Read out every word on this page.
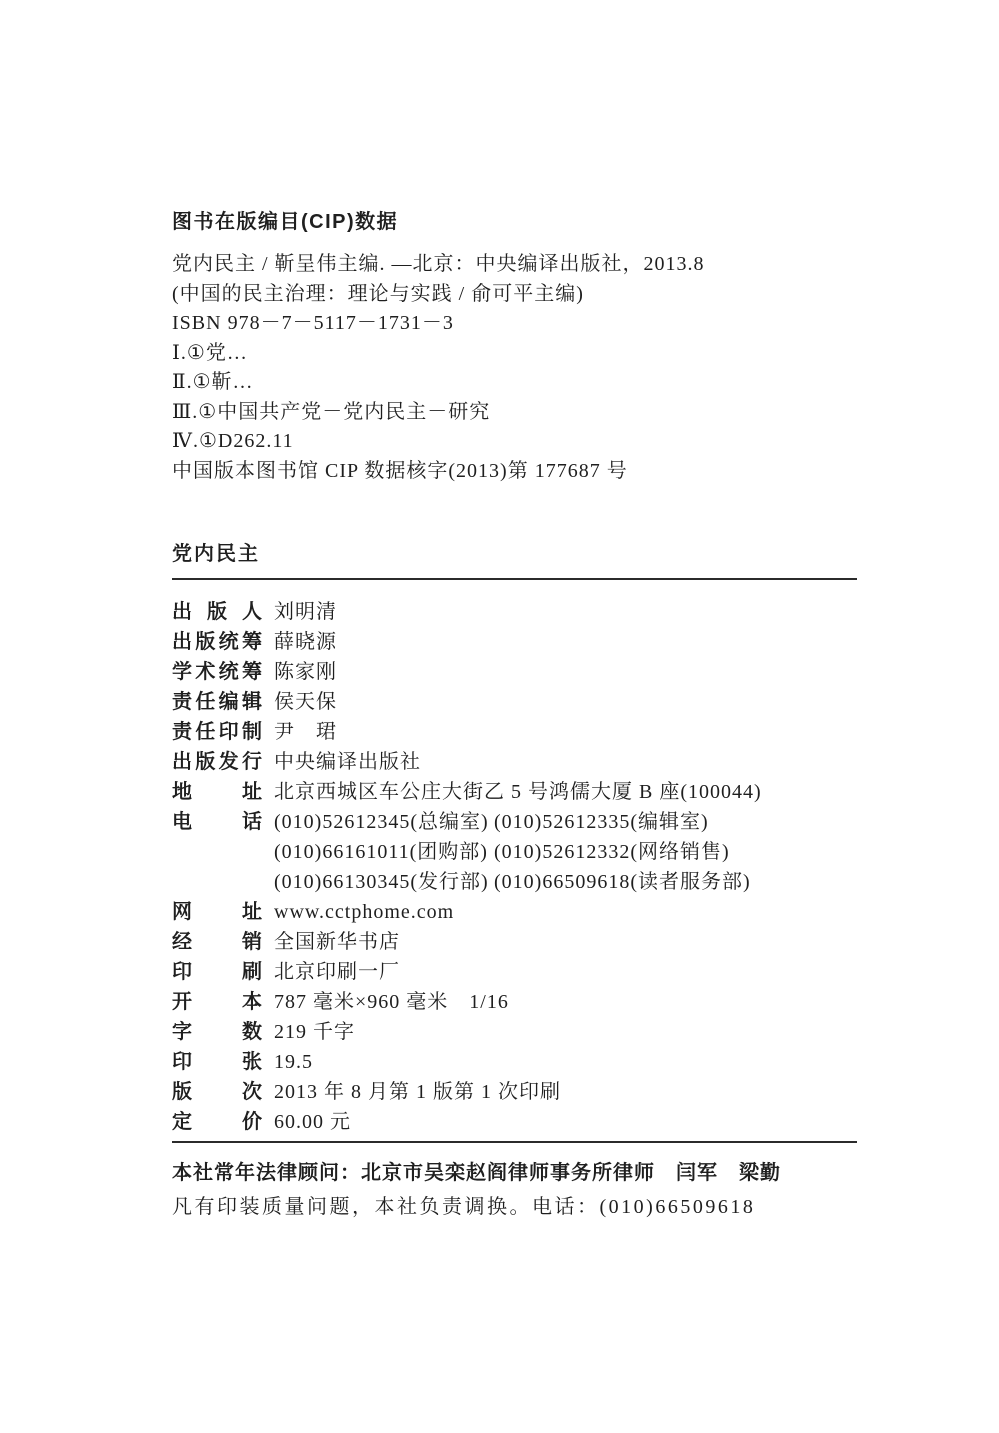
图书在版编目(CIP)数据
党内民主 / 靳呈伟主编. —北京：中央编译出版社，2013.8
(中国的民主治理：理论与实践 / 俞可平主编)
ISBN 978－7－5117－1731－3
Ⅰ.①党…
Ⅱ.①靳…
Ⅲ.①中国共产党－党内民主－研究
Ⅳ.①D262.11
中国版本图书馆 CIP 数据核字(2013)第 177687 号
党内民主
出 版 人 刘明清
出版统筹 薛晓源
学术统筹 陈家刚
责任编辑 侯天保
责任印制 尹　珺
出版发行 中央编译出版社
地 址 北京西城区车公庄大街乙 5 号鸿儒大厦 B 座(100044)
电 话 (010)52612345(总编室) (010)52612335(编辑室)
(010)66161011(团购部) (010)52612332(网络销售)
(010)66130345(发行部) (010)66509618(读者服务部)
网 址 www.cctphome.com
经 销 全国新华书店
印 刷 北京印刷一厂
开 本 787 毫米×960 毫米　1/16
字 数 219 千字
印 张 19.5
版 次 2013 年 8 月第 1 版第 1 次印刷
定 价 60.00 元
本社常年法律顾问：北京市吴栾赵阎律师事务所律师　闫军　梁勤
凡有印装质量问题，本社负责调换。电话：(010)66509618
